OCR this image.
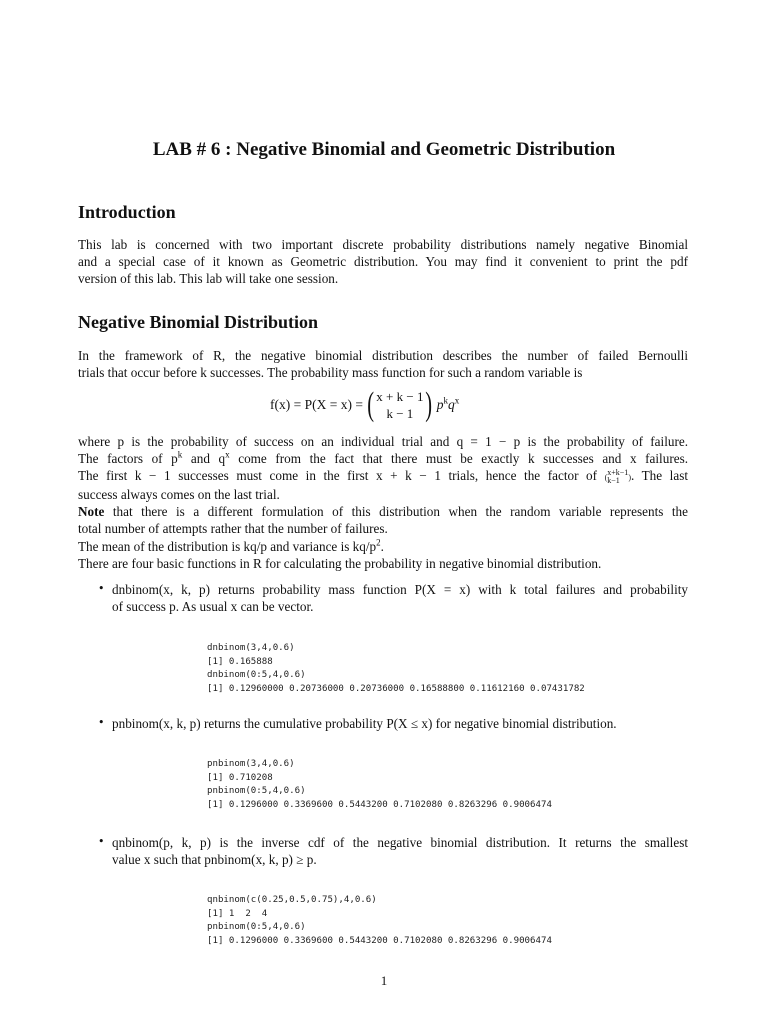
LAB # 6 : Negative Binomial and Geometric Distribution
Introduction
This lab is concerned with two important discrete probability distributions namely negative Binomial
and a special case of it known as Geometric distribution. You may find it convenient to print the pdf
version of this lab. This lab will take one session.
Negative Binomial Distribution
In the framework of R, the negative binomial distribution describes the number of failed Bernoulli
trials that occur before k successes. The probability mass function for such a random variable is
f(x) = P(X = x) = ( x + k − 1
k − 1 ) $p^kq^x$
where p is the probability of success on an individual trial and q = 1 − p is the probability of failure.
The factors of $p^k$ and $q^x$ come from the fact that there must be exactly k successes and x failures.
The first k − 1 successes must come in the first x + k − 1 trials, hence the factor of ( x+k−1
k−1	). The last
success always comes on the last trial.
Note that there is a different formulation of this distribution when the random variable represents the
total number of attempts rather that the number of failures.
The mean of the distribution is kq/p and variance is $kq/p^2$.
There are four basic functions in R for calculating the probability in negative binomial distribution.
• dnbinom(x, k, p) returns probability mass function P(X = x) with k total failures and probability
of success p. As usual x can be vector.
dnbinom(3,4,0.6)
[1] 0.165888
dnbinom(0:5,4,0.6)
[1] 0.12960000 0.20736000 0.20736000 0.16588800 0.11612160 0.07431782
• pnbinom(x, k, p) returns the cumulative probability P(X ≤ x) for negative binomial distribution.
pnbinom(3,4,0.6)
[1] 0.710208
pnbinom(0:5,4,0.6)
[1] 0.1296000 0.3369600 0.5443200 0.7102080 0.8263296 0.9006474
• qnbinom(p, k, p) is the inverse cdf of the negative binomial distribution. It returns the smallest
value x such that pnbinom(x, k, p) ≥ p.
qnbinom(c(0.25,0.5,0.75),4,0.6)
[1] 1  2  4
pnbinom(0:5,4,0.6)
[1] 0.1296000 0.3369600 0.5443200 0.7102080 0.8263296 0.9006474
1
